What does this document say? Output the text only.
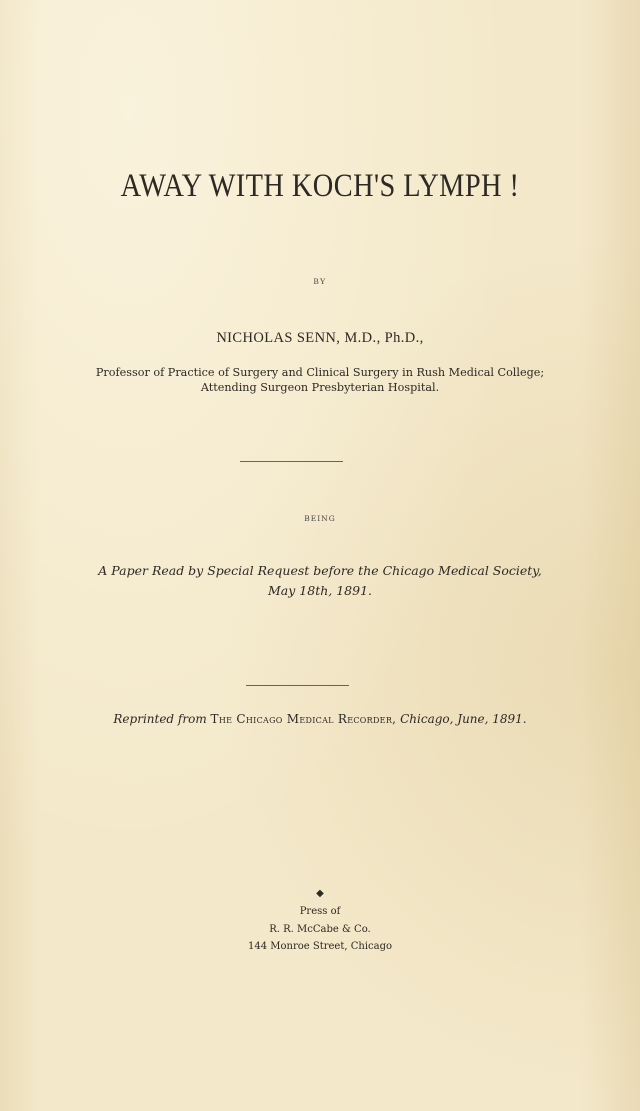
AWAY WITH KOCH'S LYMPH !
BY
NICHOLAS SENN, M.D., Ph.D.,
Professor of Practice of Surgery and Clinical Surgery in Rush Medical College;
Attending Surgeon Presbyterian Hospital.
BEING
A Paper Read by Special Request before the Chicago Medical Society,
May 18th, 1891.
Reprinted from The Chicago Medical Recorder, Chicago, June, 1891.
◆
Press of
R. R. McCabe & Co.
144 Monroe Street, Chicago
